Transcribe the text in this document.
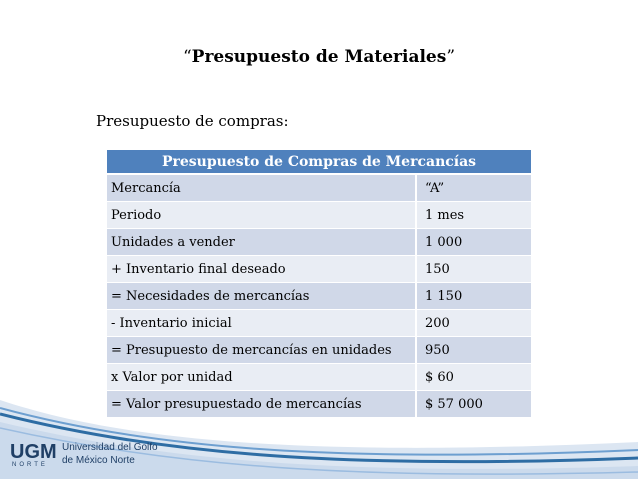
“Presupuesto de Materiales”
Presupuesto de compras:
Presupuesto de Compras de Mercancías	
Mercancía	“A”
Periodo	1 mes
Unidades a vender	1 000
+ Inventario final deseado	150
= Necesidades de mercancías	1 150
- Inventario inicial	200
= Presupuesto de mercancías en unidades	950
x Valor por unidad	$ 60
= Valor presupuestado de mercancías	$ 57 000
UGM
NORTE
Universidad del Golfo
de México Norte
